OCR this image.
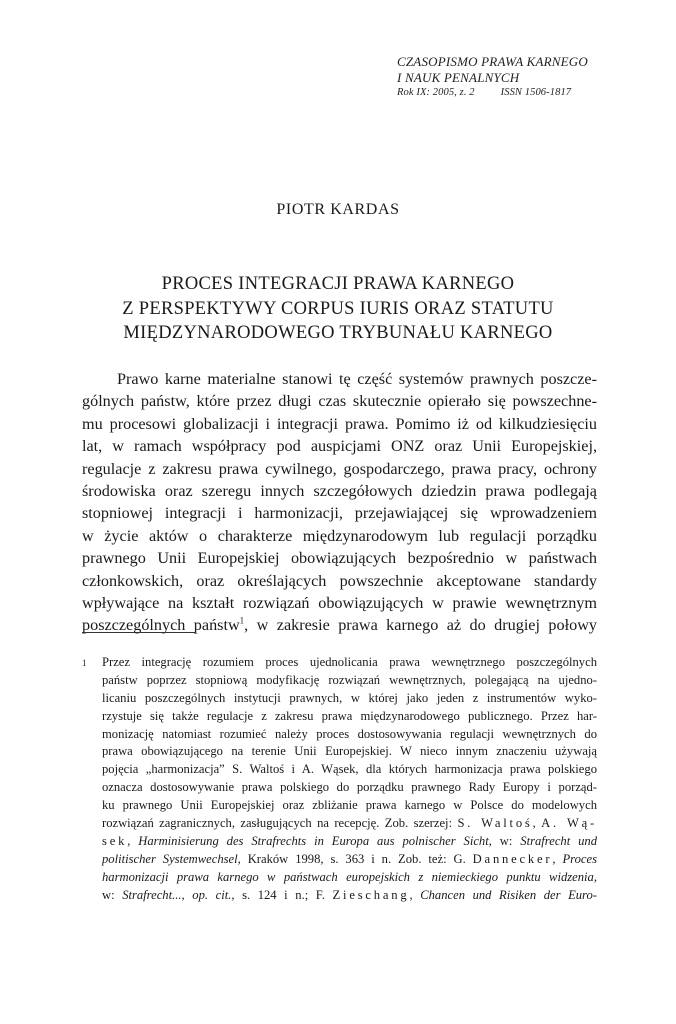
CZASOPISMO PRAWA KARNEGO
I NAUK PENALNYCH
Rok IX: 2005, z. 2 ISSN 1506-1817
PIOTR KARDAS
PROCES INTEGRACJI PRAWA KARNEGO
Z PERSPEKTYWY CORPUS IURIS ORAZ STATUTU
MIĘDZYNARODOWEGO TRYBUNAŁU KARNEGO
Prawo karne materialne stanowi tę część systemów prawnych poszcze-
gólnych państw, które przez długi czas skutecznie opierało się powszechne-
mu procesowi globalizacji i integracji prawa. Pomimo iż od kilkudziesięciu
lat, w ramach współpracy pod auspicjami ONZ oraz Unii Europejskiej,
regulacje z zakresu prawa cywilnego, gospodarczego, prawa pracy, ochrony
środowiska oraz szeregu innych szczegółowych dziedzin prawa podlegają
stopniowej integracji i harmonizacji, przejawiającej się wprowadzeniem
w życie aktów o charakterze międzynarodowym lub regulacji porządku
prawnego Unii Europejskiej obowiązujących bezpośrednio w państwach
członkowskich, oraz określających powszechnie akceptowane standardy
wpływające na kształt rozwiązań obowiązujących w prawie wewnętrznym
poszczególnych państw$^1$, w zakresie prawa karnego aż do drugiej połowy
1	Przez integrację rozumiem proces ujednolicania prawa wewnętrznego poszczególnych
państw poprzez stopniową modyfikację rozwiązań wewnętrznych, polegającą na ujedno-
licaniu poszczególnych instytucji prawnych, w której jako jeden z instrumentów wyko-
rzystuje się także regulacje z zakresu prawa międzynarodowego publicznego. Przez har-
monizację natomiast rozumieć należy proces dostosowywania regulacji wewnętrznych do
prawa obowiązującego na terenie Unii Europejskiej. W nieco innym znaczeniu używają
pojęcia „harmonizacja” S. Waltoś i A. Wąsek, dla których harmonizacja prawa polskiego
oznacza dostosowywanie prawa polskiego do porządku prawnego Rady Europy i porząd-
ku prawnego Unii Europejskiej oraz zbliżanie prawa karnego w Polsce do modelowych
rozwiązań zagranicznych, zasługujących na recepcję. Zob. szerzej: S. Waltoś, A. Wą-
sek, Harminisierung des Strafrechts in Europa aus polnischer Sicht, w: Strafrecht und
politischer Systemwechsel, Kraków 1998, s. 363 i n. Zob. też: G. Dannecker, Proces
harmonizacji prawa karnego w państwach europejskich z niemieckiego punktu widzenia,
w: Strafrecht..., op. cit., s. 124 i n.; F. Zieschang, Chancen und Risiken der Euro-
